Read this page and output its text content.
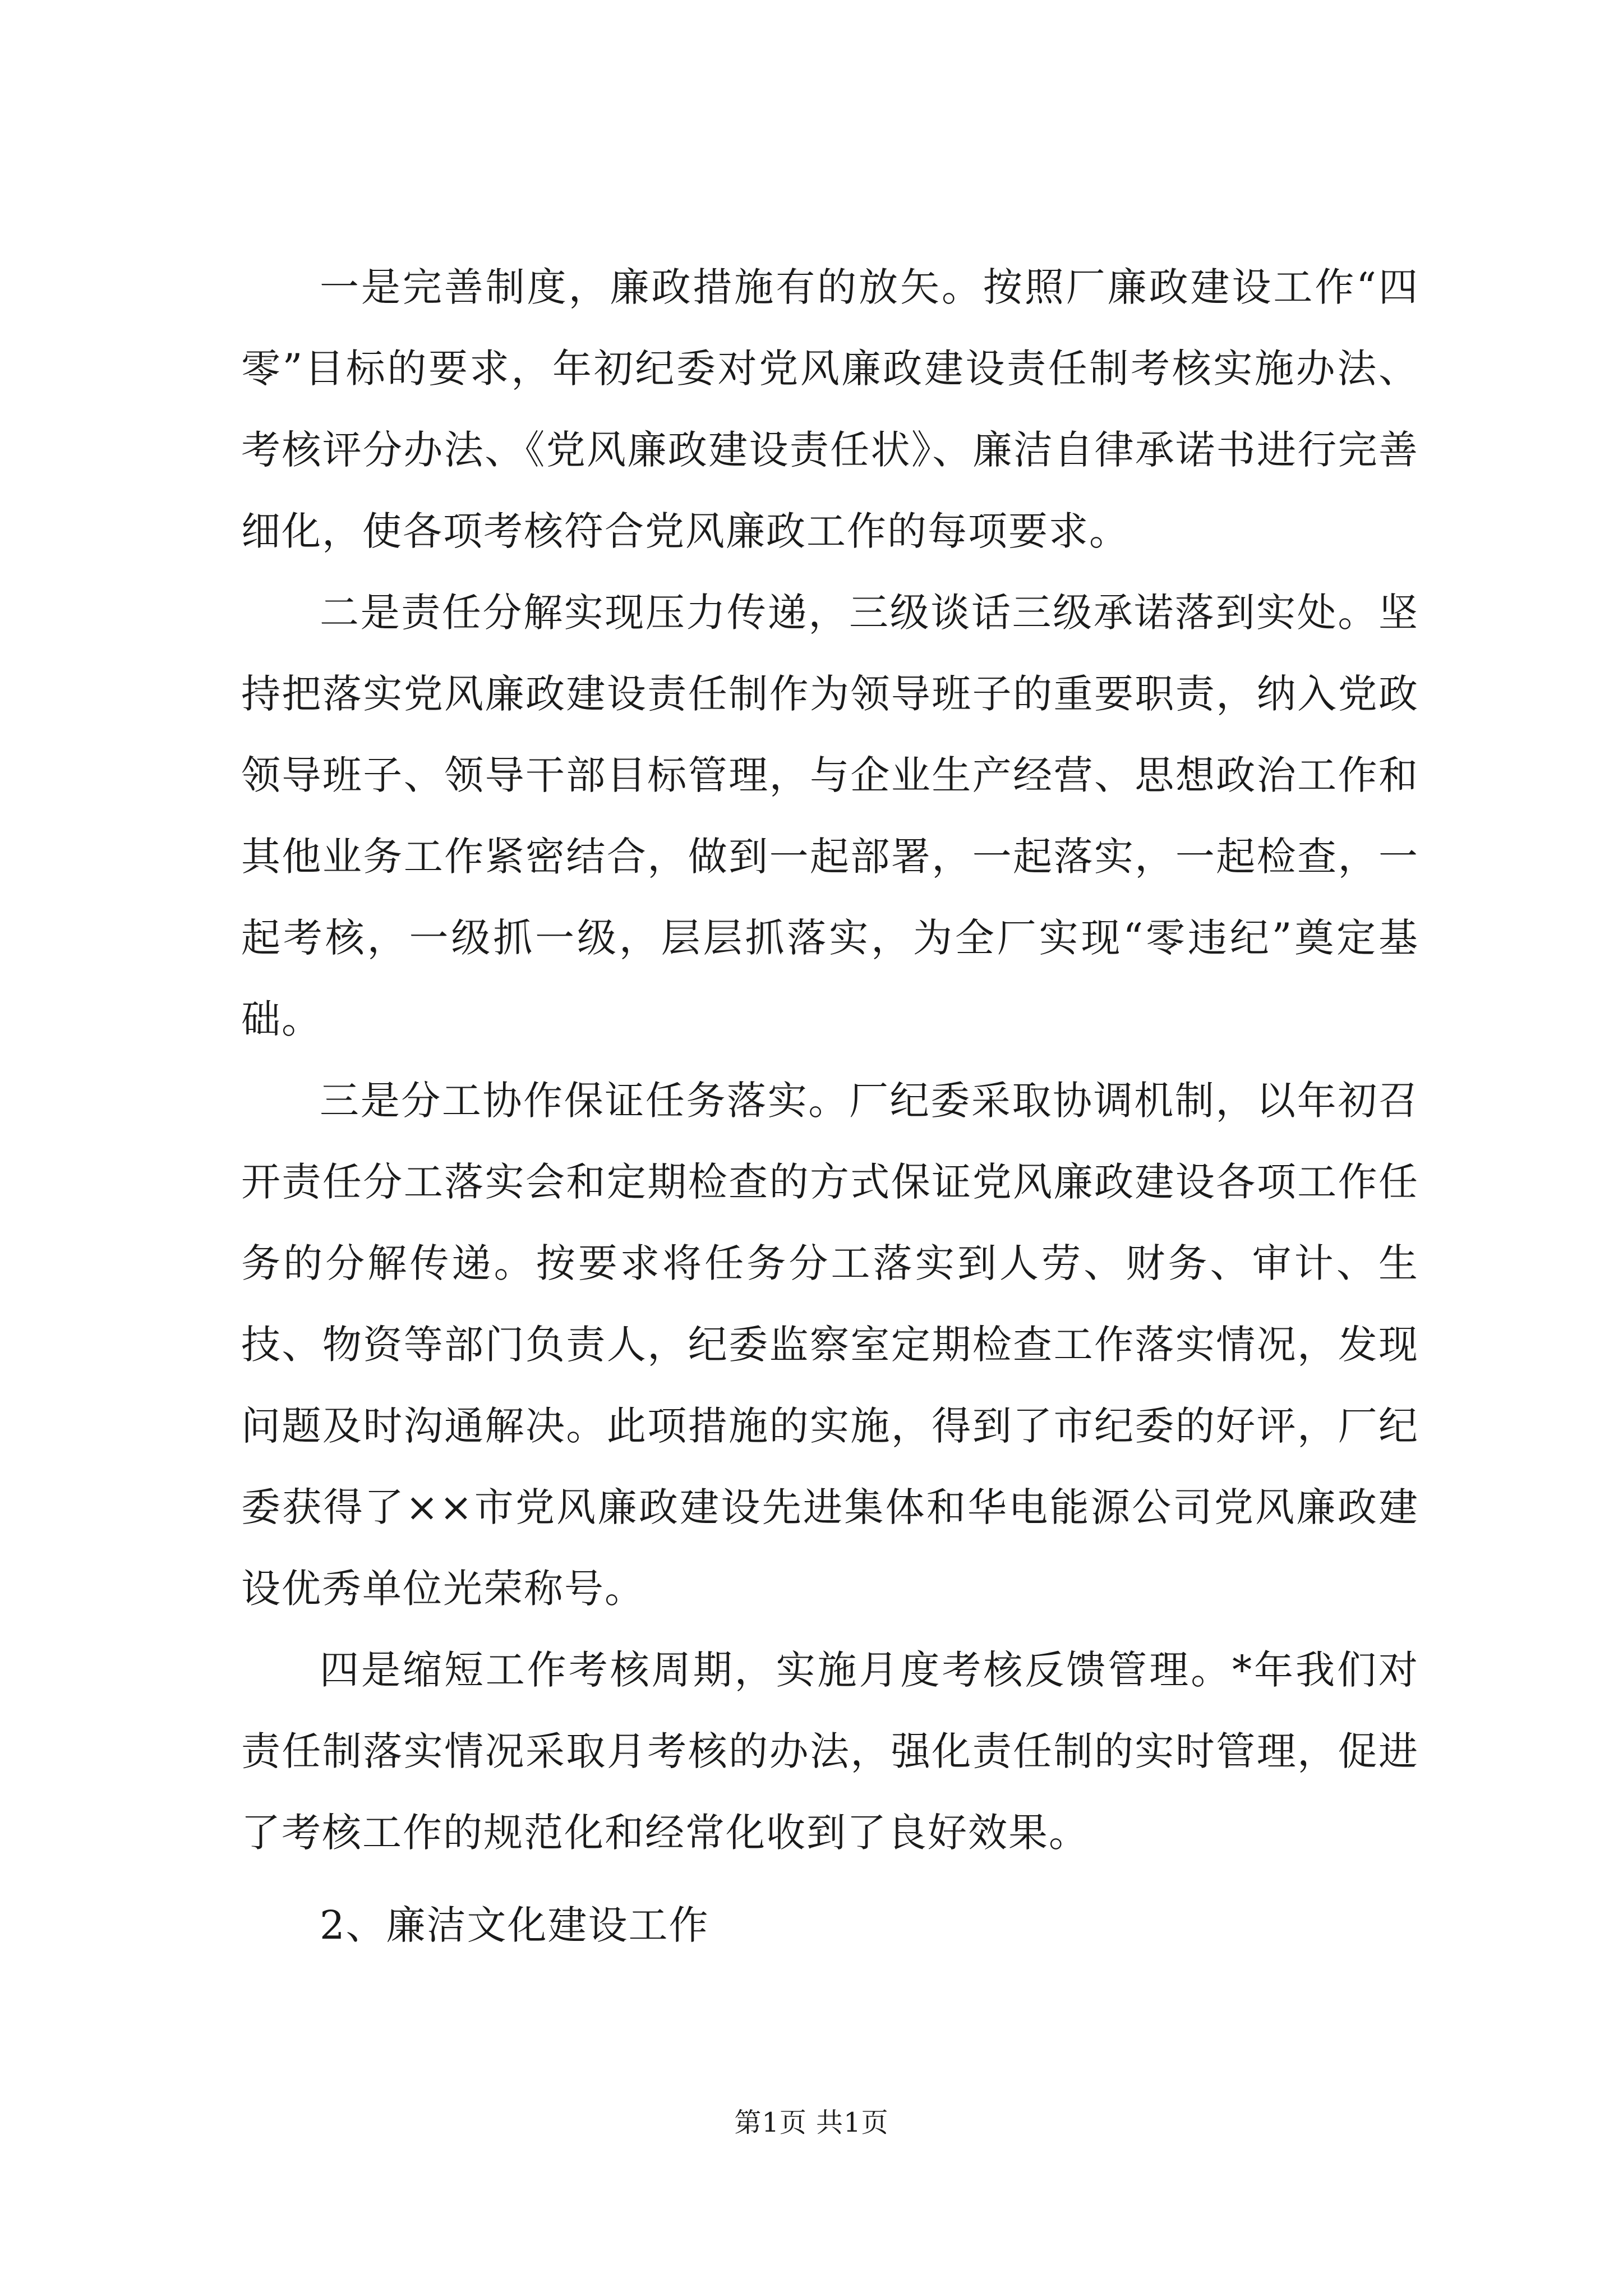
一是完善制度，廉政措施有的放矢。按照厂廉政建设工作“四零”目标的要求，年初纪委对党风廉政建设责任制考核实施办法、考核评分办法、《党风廉政建设责任状》、廉洁自律承诺书进行完善细化，使各项考核符合党风廉政工作的每项要求。

二是责任分解实现压力传递，三级谈话三级承诺落到实处。坚持把落实党风廉政建设责任制作为领导班子的重要职责，纳入党政领导班子、领导干部目标管理，与企业生产经营、思想政治工作和其他业务工作紧密结合，做到一起部署，一起落实，一起检查，一起考核，一级抓一级，层层抓落实，为全厂实现“零违纪”奠定基础。

三是分工协作保证任务落实。厂纪委采取协调机制，以年初召开责任分工落实会和定期检查的方式保证党风廉政建设各项工作任务的分解传递。按要求将任务分工落实到人劳、财务、审计、生技、物资等部门负责人，纪委监察室定期检查工作落实情况，发现问题及时沟通解决。此项措施的实施，得到了市纪委的好评，厂纪委获得了××市党风廉政建设先进集体和华电能源公司党风廉政建设优秀单位光荣称号。

四是缩短工作考核周期，实施月度考核反馈管理。*年我们对责任制落实情况采取月考核的办法，强化责任制的实时管理，促进了考核工作的规范化和经常化收到了良好效果。

2、廉洁文化建设工作

第1页 共1页
